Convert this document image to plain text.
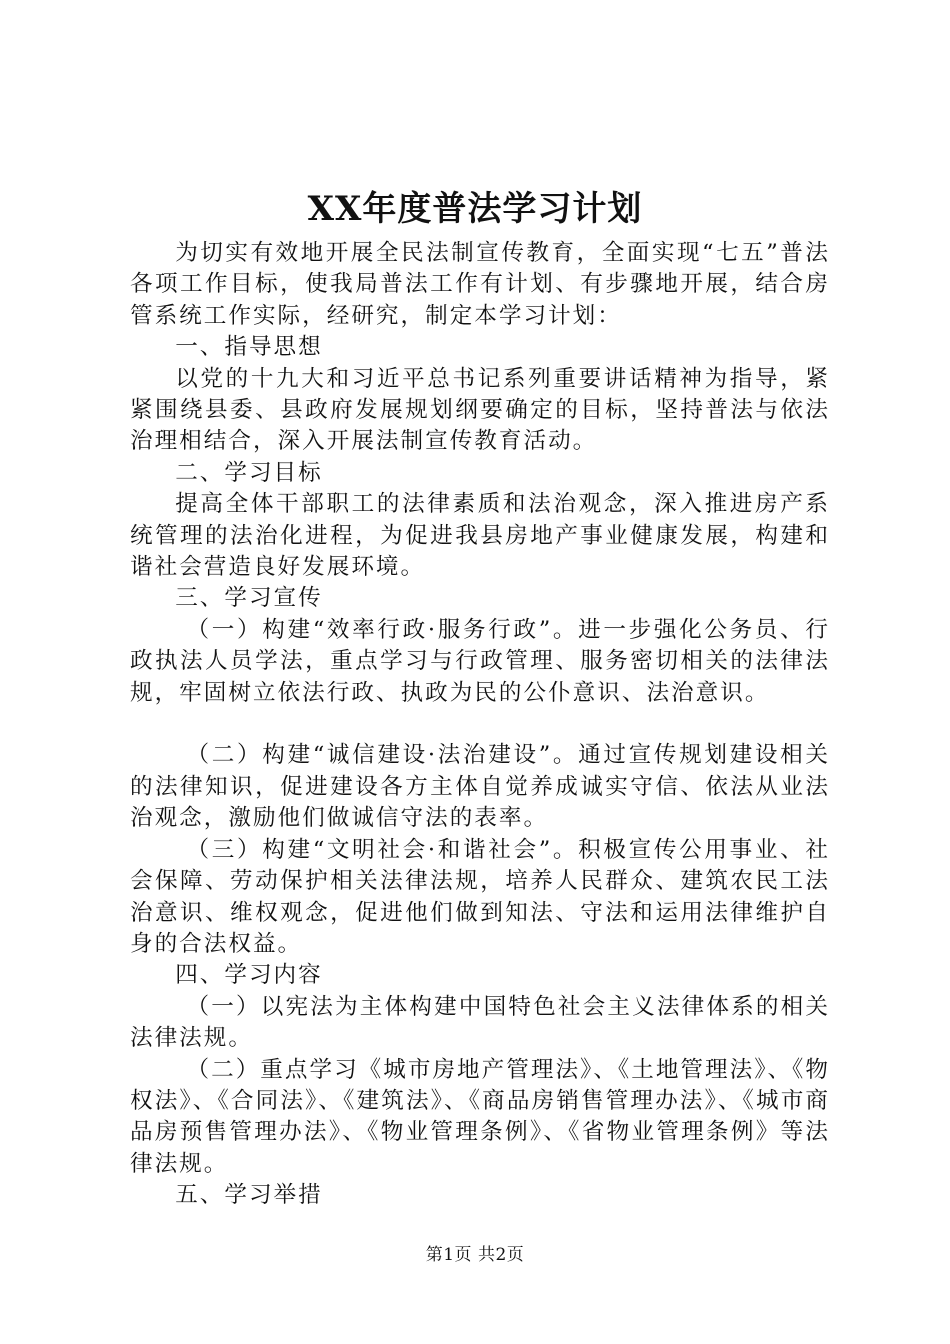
XX年度普法学习计划

为切实有效地开展全民法制宣传教育，全面实现“七五”普法各项工作目标，使我局普法工作有计划、有步骤地开展，结合房管系统工作实际，经研究，制定本学习计划：

一、指导思想

以党的十九大和习近平总书记系列重要讲话精神为指导，紧紧围绕县委、县政府发展规划纲要确定的目标，坚持普法与依法治理相结合，深入开展法制宣传教育活动。

二、学习目标

提高全体干部职工的法律素质和法治观念，深入推进房产系统管理的法治化进程，为促进我县房地产事业健康发展，构建和谐社会营造良好发展环境。

三、学习宣传

（一）构建“效率行政·服务行政”。进一步强化公务员、行政执法人员学法，重点学习与行政管理、服务密切相关的法律法规，牢固树立依法行政、执政为民的公仆意识、法治意识。

（二）构建“诚信建设·法治建设”。通过宣传规划建设相关的法律知识，促进建设各方主体自觉养成诚实守信、依法从业法治观念，激励他们做诚信守法的表率。

（三）构建“文明社会·和谐社会”。积极宣传公用事业、社会保障、劳动保护相关法律法规，培养人民群众、建筑农民工法治意识、维权观念，促进他们做到知法、守法和运用法律维护自身的合法权益。

四、学习内容

（一）以宪法为主体构建中国特色社会主义法律体系的相关法律法规。

（二）重点学习《城市房地产管理法》、《土地管理法》、《物权法》、《合同法》、《建筑法》、《商品房销售管理办法》、《城市商品房预售管理办法》、《物业管理条例》、《省物业管理条例》等法律法规。

五、学习举措

第1页 共2页
